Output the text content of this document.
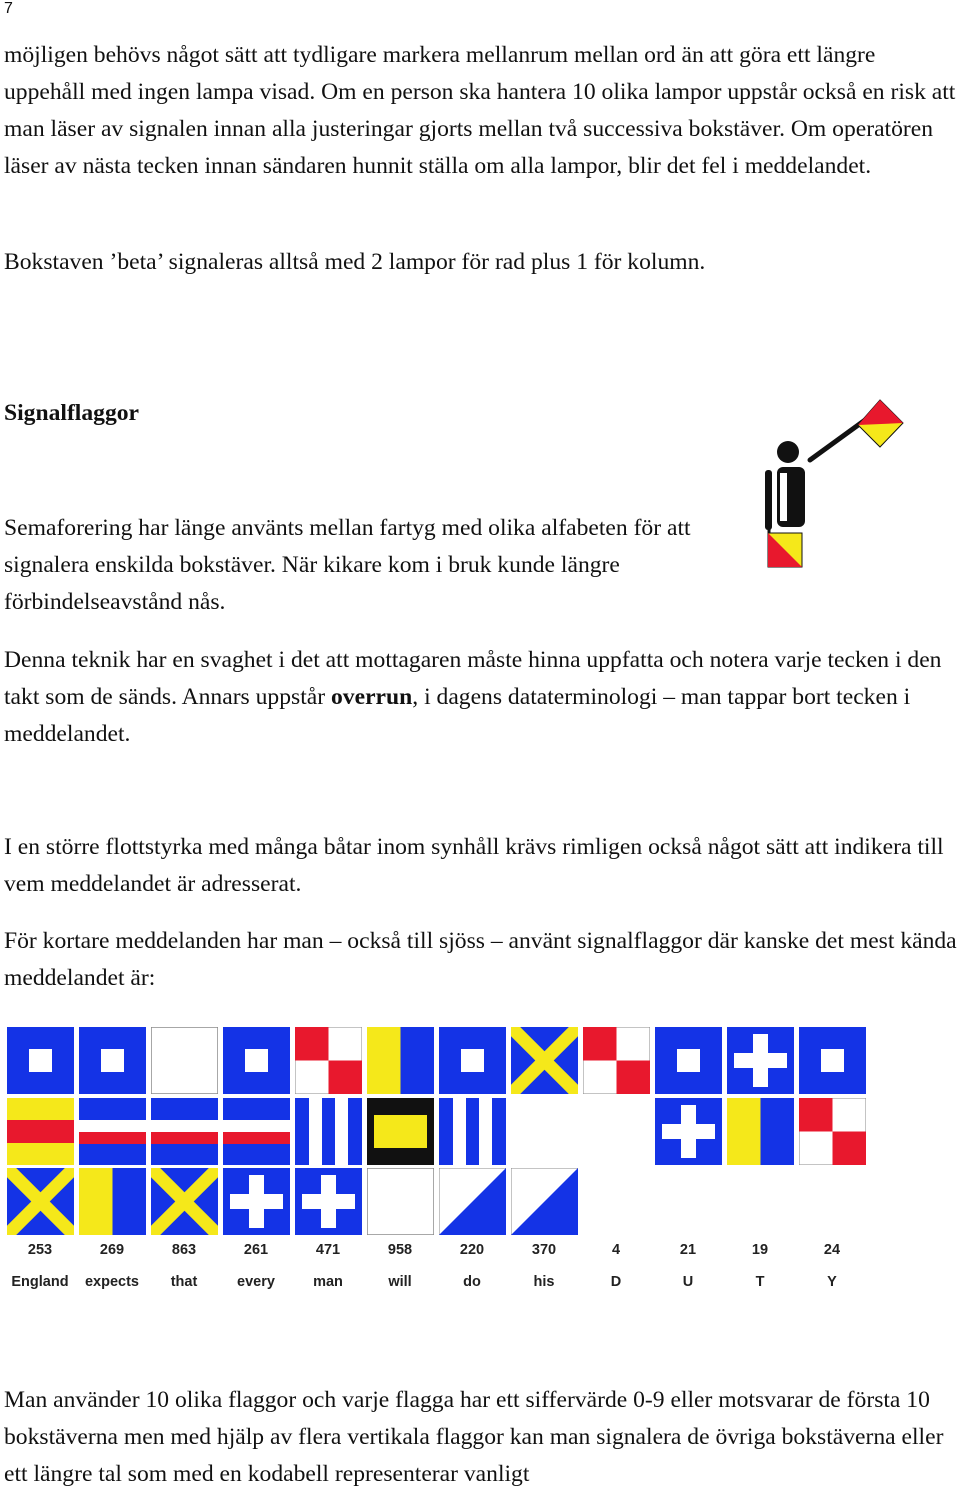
7

möjligen behövs något sätt att tydligare markera mellanrum mellan ord än att göra ett längre uppehåll med ingen lampa visad. Om en person ska hantera 10 olika lampor uppstår också en risk att man läser av signalen innan alla justeringar gjorts mellan två successiva bokstäver. Om operatören läser av nästa tecken innan sändaren hunnit ställa om alla lampor, blir det fel i meddelandet.

Bokstaven ’beta’ signaleras alltså med 2 lampor för rad plus 1 för kolumn.

Signalflaggor

Semaforering har länge använts mellan fartyg med olika alfabeten för att signalera enskilda bokstäver. När kikare kom i bruk kunde längre förbindelseavstånd nås.

Denna teknik har en svaghet i det att mottagaren måste hinna uppfatta och notera varje tecken i den takt som de sänds. Annars uppstår overrun, i dagens dataterminologi – man tappar bort tecken i meddelandet.

I en större flottstyrka med många båtar inom synhåll krävs rimligen också något sätt att indikera till vem meddelandet är adresserat.

För kortare meddelanden har man – också till sjöss – använt signalflaggor där kanske det mest kända meddelandet är:

253
England
269
expects
863
that
261
every
471
man
958
will
220
do
370
his
4
D
21
U
19
T
24
Y

Man använder 10 olika flaggor och varje flagga har ett siffervärde 0-9 eller motsvarar de första 10 bokstäverna men med hjälp av flera vertikala flaggor kan man signalera de övriga bokstäverna eller ett längre tal som med en kodabell representerar vanligt
